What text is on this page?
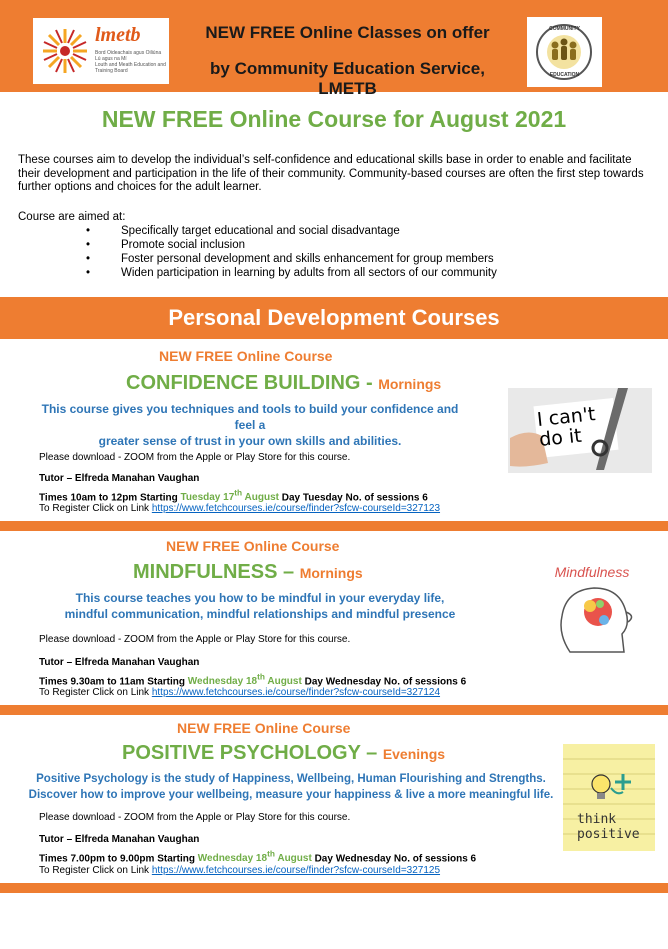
lmetb
Bord Oideachais agus Oiliúna Lú agus na Mí
Louth and Meath Education and Training Board
NEW FREE Online Classes on offer
by Community Education Service, LMETB
COMMUNITY
EDUCATION
NEW FREE Online Course for August 2021
These courses aim to develop the individual’s self-confidence and educational skills base in order to enable and facilitate their development and participation in the life of their community. Community-based courses are often the first step towards further options and choices for the adult learner.
Course are aimed at:
• Specifically target educational and social disadvantage
• Promote social inclusion
• Foster personal development and skills enhancement for group members
• Widen participation in learning by adults from all sectors of our community
Personal Development Courses
NEW FREE Online Course
CONFIDENCE BUILDING - Mornings
This course gives you techniques and tools to build your confidence and feel a
greater sense of trust in your own skills and abilities.
I can't do it
Please download - ZOOM from the Apple or Play Store for this course.
Tutor – Elfreda Manahan Vaughan
Times 10am to 12pm Starting Tuesday 17th August Day Tuesday No. of sessions 6
To Register Click on Link https://www.fetchcourses.ie/course/finder?sfcw-courseId=327123
NEW FREE Online Course
MINDFULNESS – Mornings
This course teaches you how to be mindful in your everyday life,
mindful communication, mindful relationships and mindful presence
Mindfulness
Please download - ZOOM from the Apple or Play Store for this course.
Tutor – Elfreda Manahan Vaughan
Times 9.30am to 11am Starting Wednesday 18th August Day Wednesday No. of sessions 6
To Register Click on Link https://www.fetchcourses.ie/course/finder?sfcw-courseId=327124
NEW FREE Online Course
POSITIVE PSYCHOLOGY – Evenings
Positive Psychology is the study of Happiness, Wellbeing, Human Flourishing and Strengths.
Discover how to improve your wellbeing, measure your happiness & live a more meaningful life.
think positive
Please download - ZOOM from the Apple or Play Store for this course.
Tutor – Elfreda Manahan Vaughan
Times 7.00pm to 9.00pm Starting Wednesday 18th August Day Wednesday No. of sessions 6
To Register Click on Link https://www.fetchcourses.ie/course/finder?sfcw-courseId=327125
